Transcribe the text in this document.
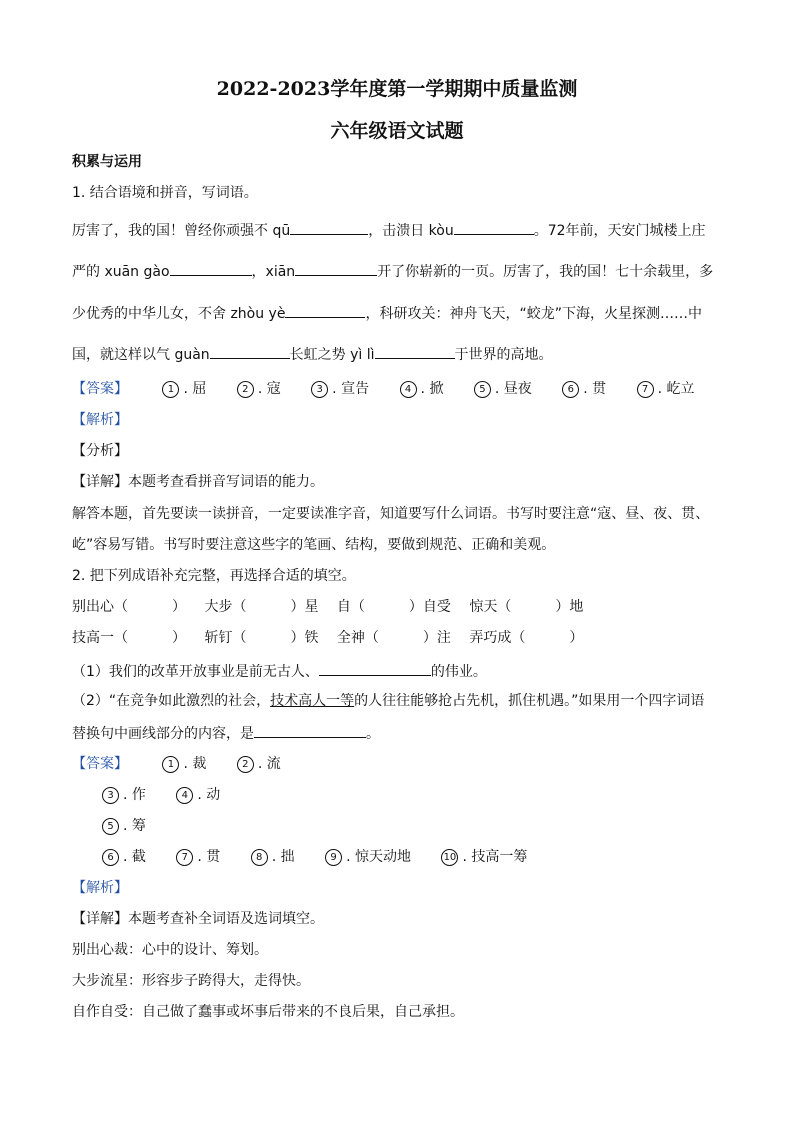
2022-2023学年度第一学期期中质量监测
六年级语文试题
积累与运用
1. 结合语境和拼音，写词语。
厉害了，我的国！曾经你顽强不 qū	，击溃日 kòu	。72年前，天安门城楼上庄
严的 xuān gào	，xiān	开了你崭新的一页。厉害了，我的国！七十余载里，多
少优秀的中华儿女，不舍 zhòu yè	，科研攻关：神舟飞天，“蛟龙”下海，火星探测……中
国，就这样以气 guàn	长虹之势 yì lì	于世界的高地。
【答案】	1 . 屈	2 . 寇	3 . 宣告	4 . 掀	5 . 昼夜	6 . 贯	7 . 屹立
【解析】
【分析】
【详解】本题考查看拼音写词语的能力。
解答本题，首先要读一读拼音，一定要读准字音，知道要写什么词语。书写时要注意“寇、昼、夜、贯、
屹”容易写错。书写时要注意这些字的笔画、结构，要做到规范、正确和美观。
2. 把下列成语补充完整，再选择合适的填空。
别出心（	） 大步（	）星 自（	）自受 惊天（	）地
技高一（	） 斩钉（	）铁 全神（	）注 弄巧成（	）
（1）我们的改革开放事业是前无古人、	的伟业。
（2）“在竞争如此激烈的社会，技术高人一等的人往往能够抢占先机，抓住机遇。”如果用一个四字词语
替换句中画线部分的内容，是	。
【答案】	1 . 裁	2 . 流
3 . 作	4 . 动
5 . 筹
6 . 截	7 . 贯	8 . 拙	9 . 惊天动地	10 . 技高一筹
【解析】
【详解】本题考查补全词语及选词填空。
别出心裁：心中的设计、筹划。
大步流星：形容步子跨得大，走得快。
自作自受：自己做了蠢事或坏事后带来的不良后果，自己承担。
